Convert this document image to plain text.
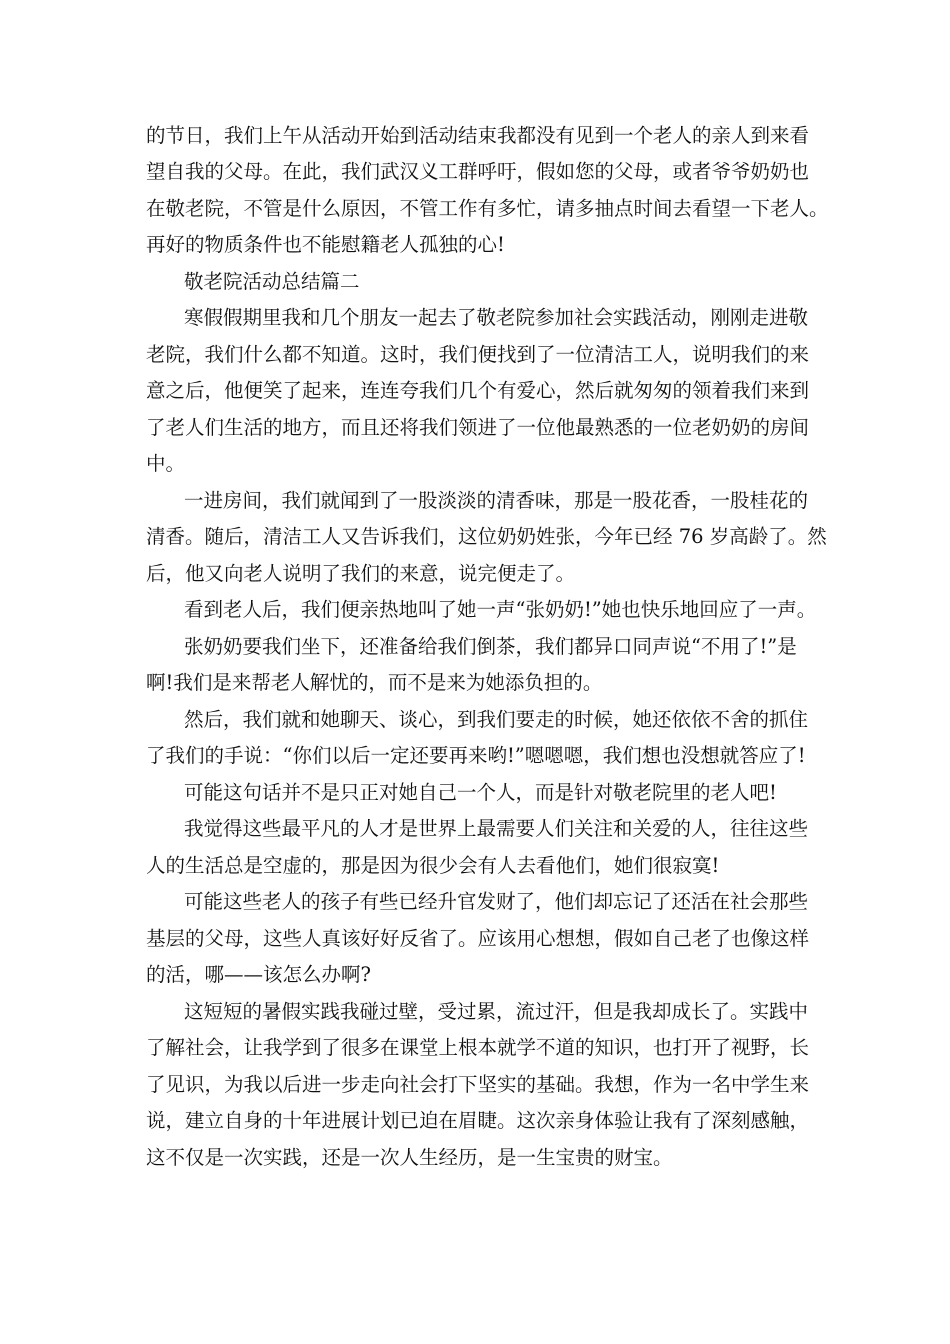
的节日，我们上午从活动开始到活动结束我都没有见到一个老人的亲人到来看
望自我的父母。在此，我们武汉义工群呼吁，假如您的父母，或者爷爷奶奶也
在敬老院，不管是什么原因，不管工作有多忙，请多抽点时间去看望一下老人。
再好的物质条件也不能慰籍老人孤独的心!
敬老院活动总结篇二
寒假假期里我和几个朋友一起去了敬老院参加社会实践活动，刚刚走进敬
老院，我们什么都不知道。这时，我们便找到了一位清洁工人，说明我们的来
意之后，他便笑了起来，连连夸我们几个有爱心，然后就匆匆的领着我们来到
了老人们生活的地方，而且还将我们领进了一位他最熟悉的一位老奶奶的房间
中。
一进房间，我们就闻到了一股淡淡的清香味，那是一股花香，一股桂花的
清香。随后，清洁工人又告诉我们，这位奶奶姓张，今年已经 76 岁高龄了。然
后，他又向老人说明了我们的来意，说完便走了。
看到老人后，我们便亲热地叫了她一声“张奶奶!”她也快乐地回应了一声。
张奶奶要我们坐下，还准备给我们倒茶，我们都异口同声说“不用了!”是
啊!我们是来帮老人解忧的，而不是来为她添负担的。
然后，我们就和她聊天、谈心，到我们要走的时候，她还依依不舍的抓住
了我们的手说：“你们以后一定还要再来哟!”嗯嗯嗯，我们想也没想就答应了!
可能这句话并不是只正对她自己一个人，而是针对敬老院里的老人吧!
我觉得这些最平凡的人才是世界上最需要人们关注和关爱的人，往往这些
人的生活总是空虚的，那是因为很少会有人去看他们，她们很寂寞!
可能这些老人的孩子有些已经升官发财了，他们却忘记了还活在社会那些
基层的父母，这些人真该好好反省了。应该用心想想，假如自己老了也像这样
的活，哪——该怎么办啊?
这短短的暑假实践我碰过壁，受过累，流过汗，但是我却成长了。实践中
了解社会，让我学到了很多在课堂上根本就学不道的知识，也打开了视野，长
了见识，为我以后进一步走向社会打下坚实的基础。我想，作为一名中学生来
说，建立自身的十年进展计划已迫在眉睫。这次亲身体验让我有了深刻感触，
这不仅是一次实践，还是一次人生经历，是一生宝贵的财宝。
